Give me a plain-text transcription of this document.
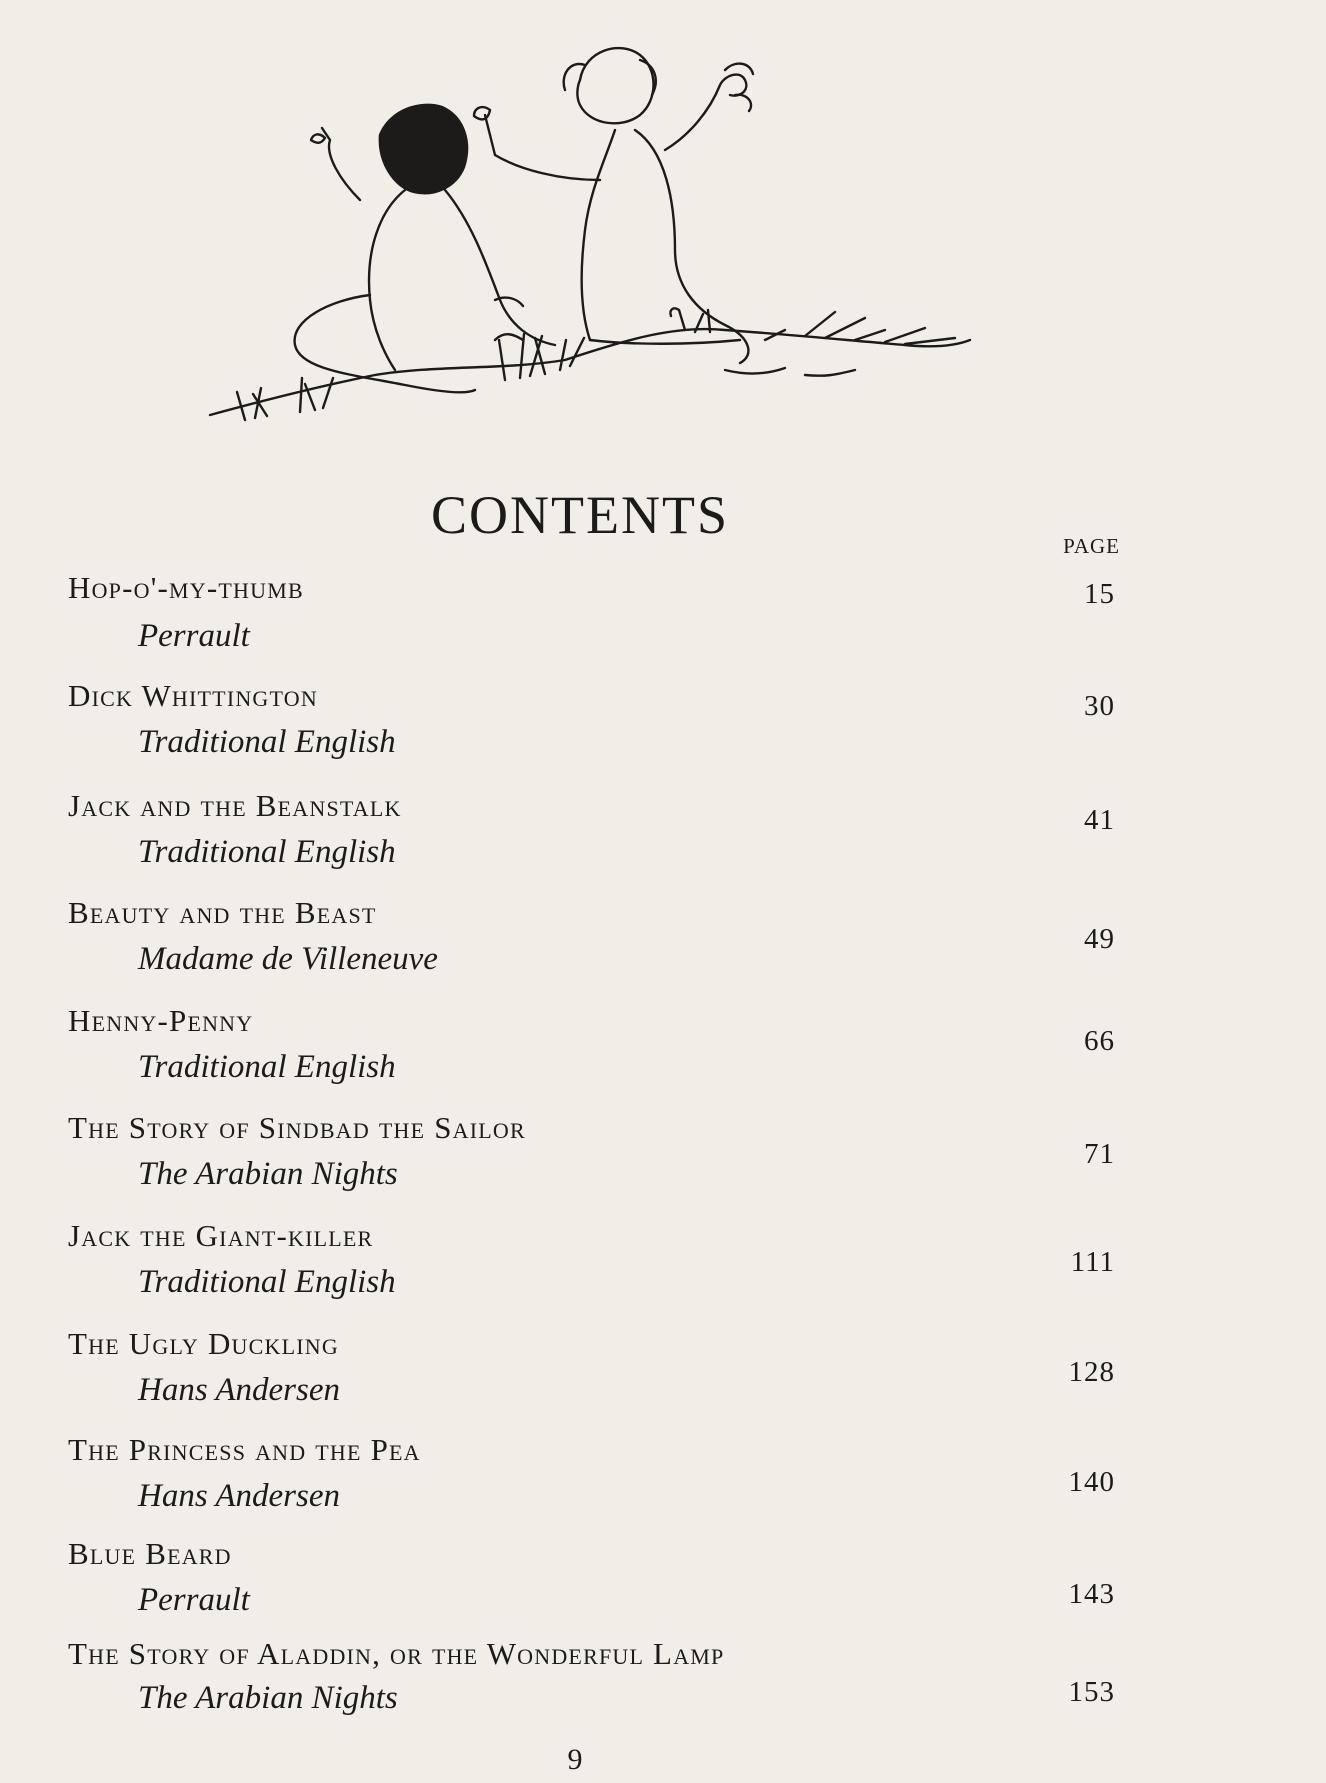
CONTENTS
PAGE
Hop-o'-my-thumb
Perrault
15
Dick Whittington
Traditional English
30
Jack and the Beanstalk
Traditional English
41
Beauty and the Beast
Madame de Villeneuve
49
Henny-Penny
Traditional English
66
The Story of Sindbad the Sailor
The Arabian Nights
71
Jack the Giant-killer
Traditional English
111
The Ugly Duckling
Hans Andersen	128
The Princess and the Pea
Hans Andersen	140
Blue Beard
Perrault	143
The Story of Aladdin, or the Wonderful Lamp
The Arabian Nights	153
9
